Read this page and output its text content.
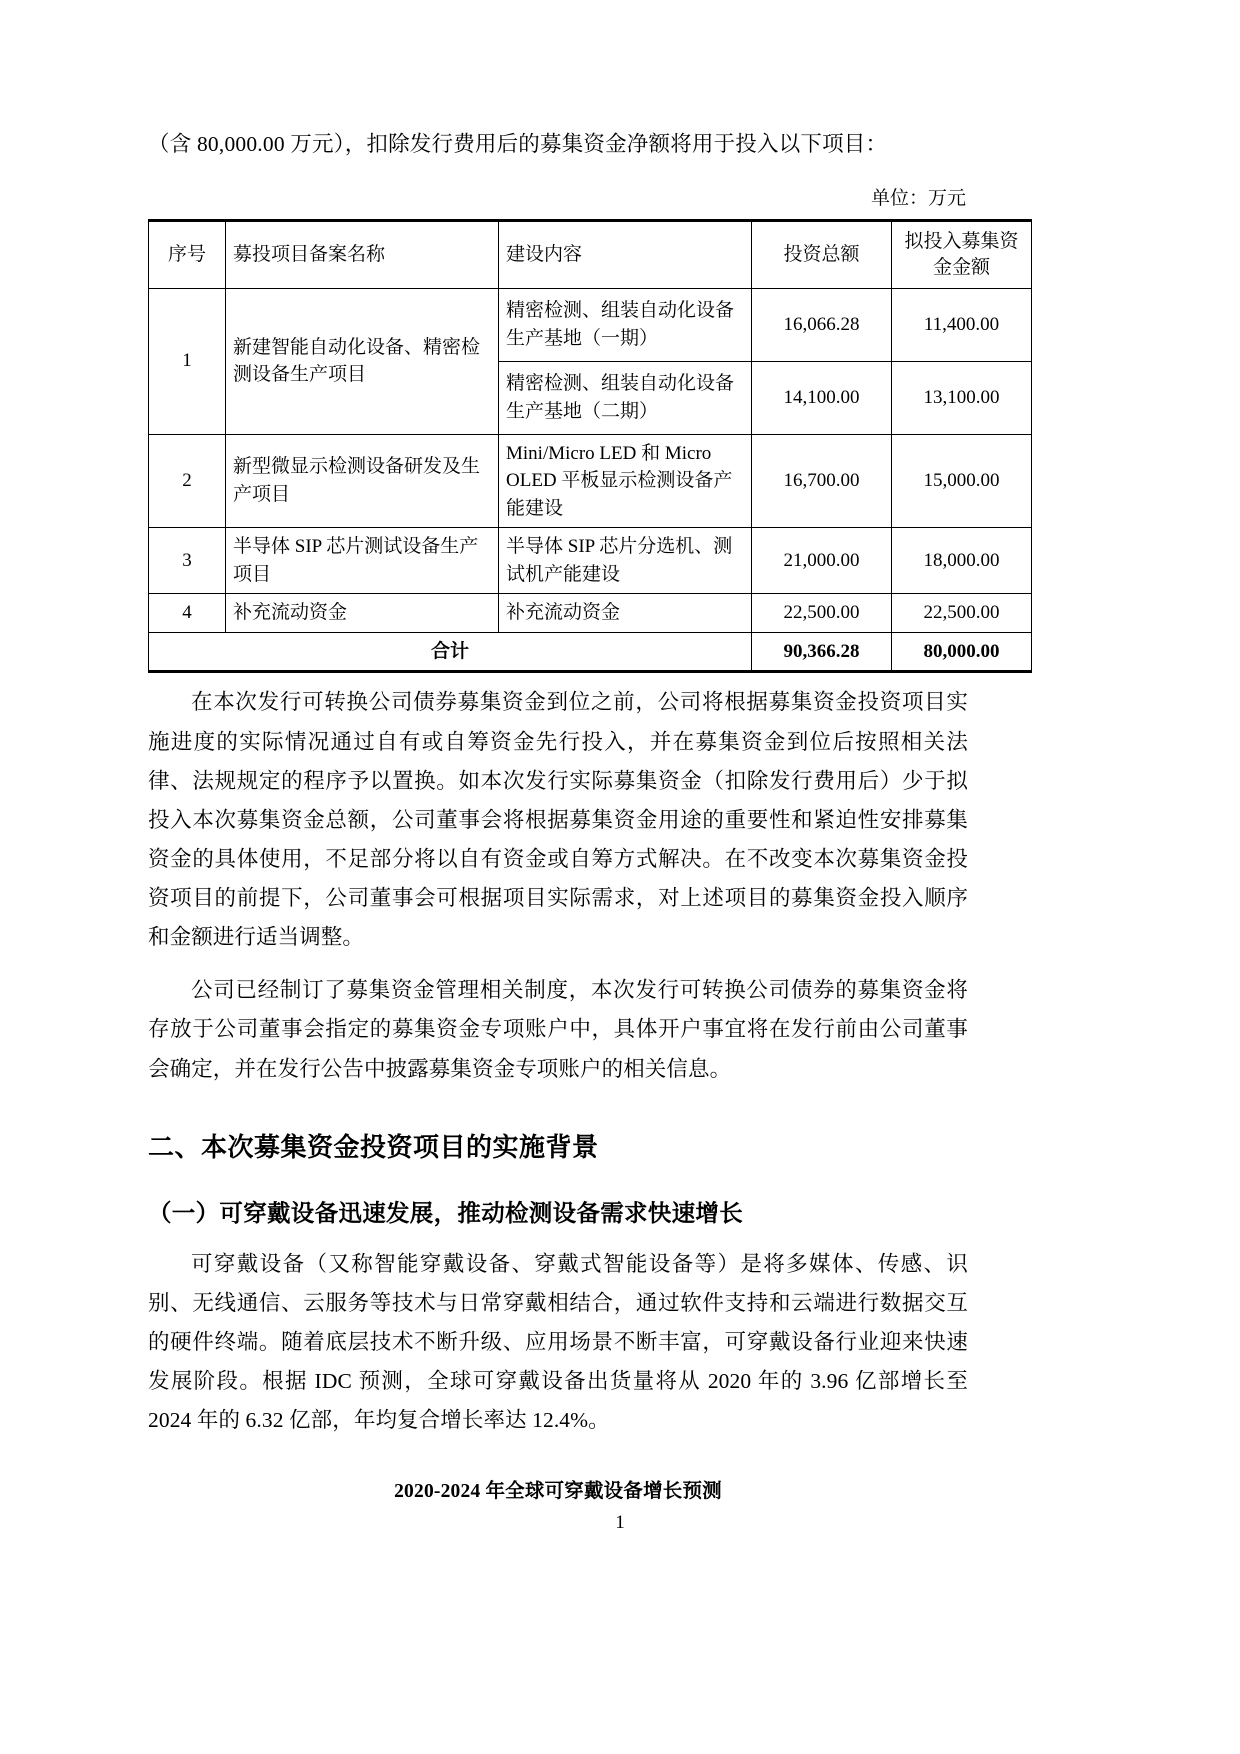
（含 80,000.00 万元），扣除发行费用后的募集资金净额将用于投入以下项目：

单位：万元
序号	募投项目备案名称	建设内容	投资总额	拟投入募集资金金额
1	新建智能自动化设备、精密检测设备生产项目	精密检测、组装自动化设备生产基地（一期）	16,066.28	11,400.00
		精密检测、组装自动化设备生产基地（二期）	14,100.00	13,100.00
2	新型微显示检测设备研发及生产项目	Mini/Micro LED 和 Micro OLED 平板显示检测设备产能建设	16,700.00	15,000.00
3	半导体 SIP 芯片测试设备生产项目	半导体 SIP 芯片分选机、测试机产能建设	21,000.00	18,000.00
4	补充流动资金	补充流动资金	22,500.00	22,500.00
合计			90,366.28	80,000.00

在本次发行可转换公司债券募集资金到位之前，公司将根据募集资金投资项目实施进度的实际情况通过自有或自筹资金先行投入，并在募集资金到位后按照相关法律、法规规定的程序予以置换。如本次发行实际募集资金（扣除发行费用后）少于拟投入本次募集资金总额，公司董事会将根据募集资金用途的重要性和紧迫性安排募集资金的具体使用，不足部分将以自有资金或自筹方式解决。在不改变本次募集资金投资项目的前提下，公司董事会可根据项目实际需求，对上述项目的募集资金投入顺序和金额进行适当调整。

公司已经制订了募集资金管理相关制度，本次发行可转换公司债券的募集资金将存放于公司董事会指定的募集资金专项账户中，具体开户事宜将在发行前由公司董事会确定，并在发行公告中披露募集资金专项账户的相关信息。

二、本次募集资金投资项目的实施背景
（一）可穿戴设备迅速发展，推动检测设备需求快速增长

可穿戴设备（又称智能穿戴设备、穿戴式智能设备等）是将多媒体、传感、识别、无线通信、云服务等技术与日常穿戴相结合，通过软件支持和云端进行数据交互的硬件终端。随着底层技术不断升级、应用场景不断丰富，可穿戴设备行业迎来快速发展阶段。根据 IDC 预测，全球可穿戴设备出货量将从 2020 年的 3.96 亿部增长至 2024 年的 6.32 亿部，年均复合增长率达 12.4%。

2020-2024 年全球可穿戴设备增长预测

1
